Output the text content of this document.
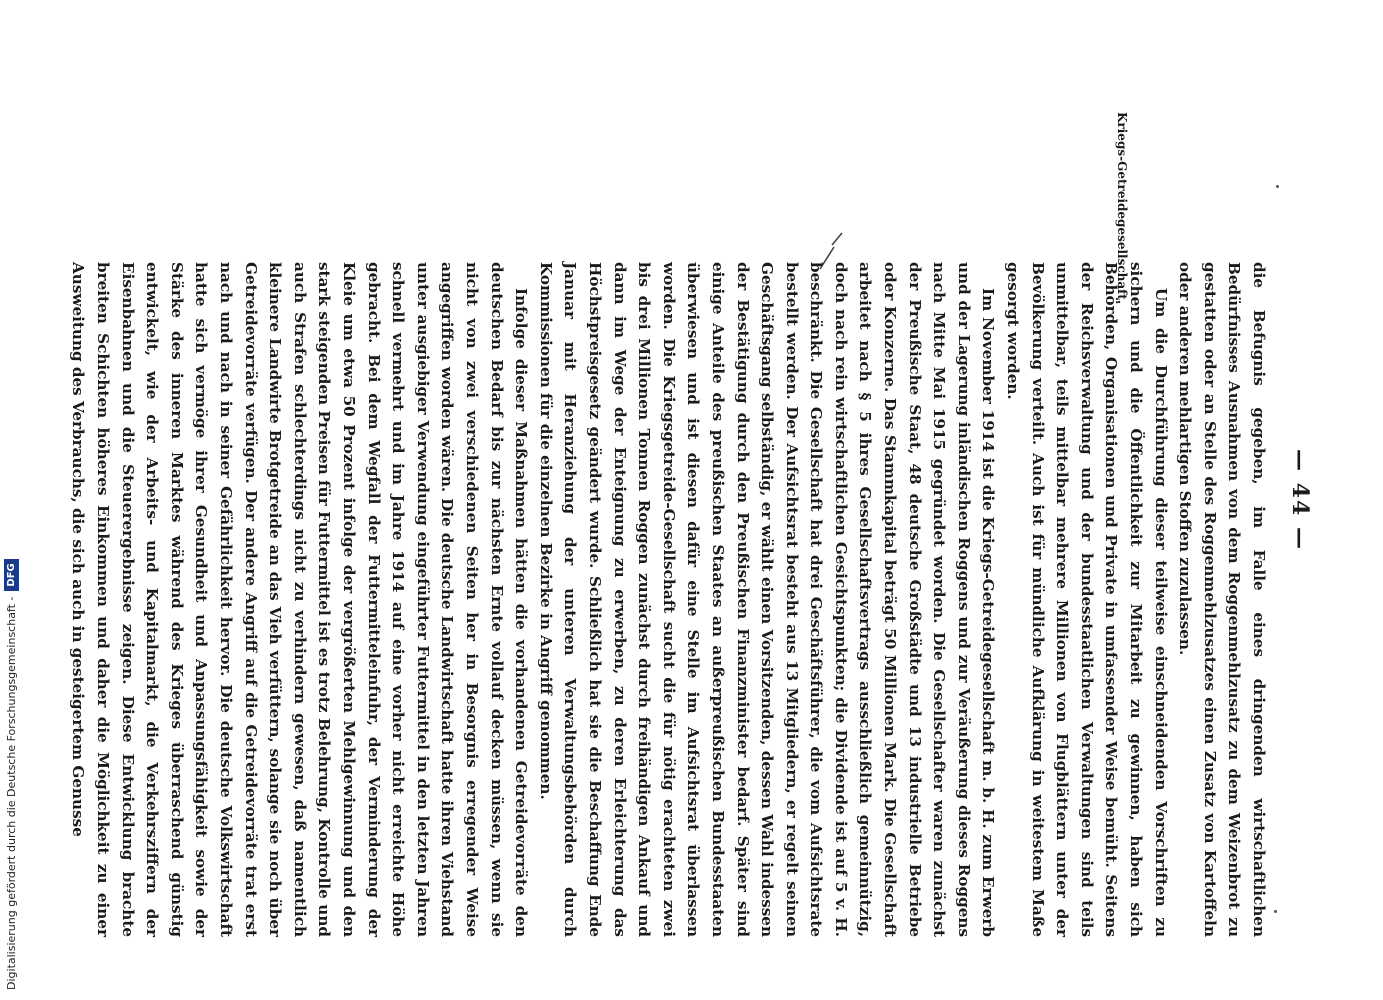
— 44 —
Kriegs-Getreidegesellschaft.

die Befugnis gegeben, im Falle eines dringenden wirtschaftlichen Bedürfnisses Ausnahmen von dem Roggenmehlzusatz zu dem Weizenbrot zu gestatten oder an Stelle des Roggenmehlzusatzes einen Zusatz von Kartoffeln oder anderen mehlartigen Stoffen zuzulassen.

Um die Durchführung dieser teilweise einschneidenden Vorschriften zu sichern und die Öffentlichkeit zur Mitarbeit zu gewinnen, haben sich Behörden, Organisationen und Private in umfassender Weise bemüht. Seitens der Reichsverwaltung und der bundesstaatlichen Verwaltungen sind teils unmittelbar, teils mittelbar mehrere Millionen von Flugblättern unter der Bevölkerung verteilt. Auch ist für mündliche Aufklärung in weitestem Maße gesorgt worden.

Im November 1914 ist die Kriegs-Getreidegesellschaft m. b. H. zum Erwerb und der Lagerung inländischen Roggens und zur Veräußerung dieses Roggens nach Mitte Mai 1915 gegründet worden. Die Gesellschafter waren zunächst der Preußische Staat, 48 deutsche Großstädte und 13 industrielle Betriebe oder Konzerne. Das Stammkapital beträgt 50 Millionen Mark. Die Gesellschaft arbeitet nach § 5 ihres Gesellschaftsvertrags ausschließlich gemeinnützig, doch nach rein wirtschaftlichen Gesichtspunkten; die Dividende ist auf 5 v. H. beschränkt. Die Gesellschaft hat drei Geschäftsführer, die vom Aufsichtsrate bestellt werden. Der Aufsichtsrat besteht aus 13 Mitgliedern, er regelt seinen Geschäftsgang selbständig, er wählt einen Vorsitzenden, dessen Wahl indessen der Bestätigung durch den Preußischen Finanzminister bedarf. Später sind einige Anteile des preußischen Staates an außerpreußischen Bundesstaaten überwiesen und ist diesen dafür eine Stelle im Aufsichtsrat überlassen worden. Die Kriegsgetreide-Gesellschaft sucht die für nötig erachteten zwei bis drei Millionen Tonnen Roggen zunächst durch freihändigen Ankauf und dann im Wege der Enteignung zu erwerben, zu deren Erleichterung das Höchstpreisgesetz geändert wurde. Schließlich hat sie die Beschaffung Ende Januar mit Heranziehung der unteren Verwaltungsbehörden durch Kommissionen für die einzelnen Bezirke in Angriff genommen.

Infolge dieser Maßnahmen hätten die vorhandenen Getreidevorräte den deutschen Bedarf bis zur nächsten Ernte vollauf decken müssen, wenn sie nicht von zwei verschiedenen Seiten her in Besorgnis erregender Weise angegriffen worden wären. Die deutsche Landwirtschaft hatte ihren Viehstand unter ausgiebiger Verwendung eingeführter Futtermittel in den letzten Jahren schnell vermehrt und im Jahre 1914 auf eine vorher nicht erreichte Höhe gebracht. Bei dem Wegfall der Futtermitteleinfuhr, der Verminderung der Kleie um etwa 50 Prozent infolge der vergrößerten Mehlgewinnung und den stark steigenden Preisen für Futtermittel ist es trotz Belehrung, Kontrolle und auch Strafen schlechterdings nicht zu verhindern gewesen, daß namentlich kleinere Landwirte Brotgetreide an das Vieh verfüttern, solange sie noch über Getreidevorräte verfügen. Der andere Angriff auf die Getreidevorräte trat erst nach und nach in seiner Gefährlichkeit hervor. Die deutsche Volkswirtschaft hatte sich vermöge ihrer Gesundheit und Anpassungsfähigkeit sowie der Stärke des inneren Marktes während des Krieges überraschend günstig entwickelt, wie der Arbeits- und Kapitalmarkt, die Verkehrsziffern der Eisenbahnen und die Steuerergebnisse zeigen. Diese Entwicklung brachte breiten Schichten höheres Einkommen und daher die Möglichkeit zu einer Ausweitung des Verbrauchs, die sich auch in gesteigertem Genusse

Digitalisierung gefördert durch die Deutsche Forschungsgemeinschaft -
DFG
